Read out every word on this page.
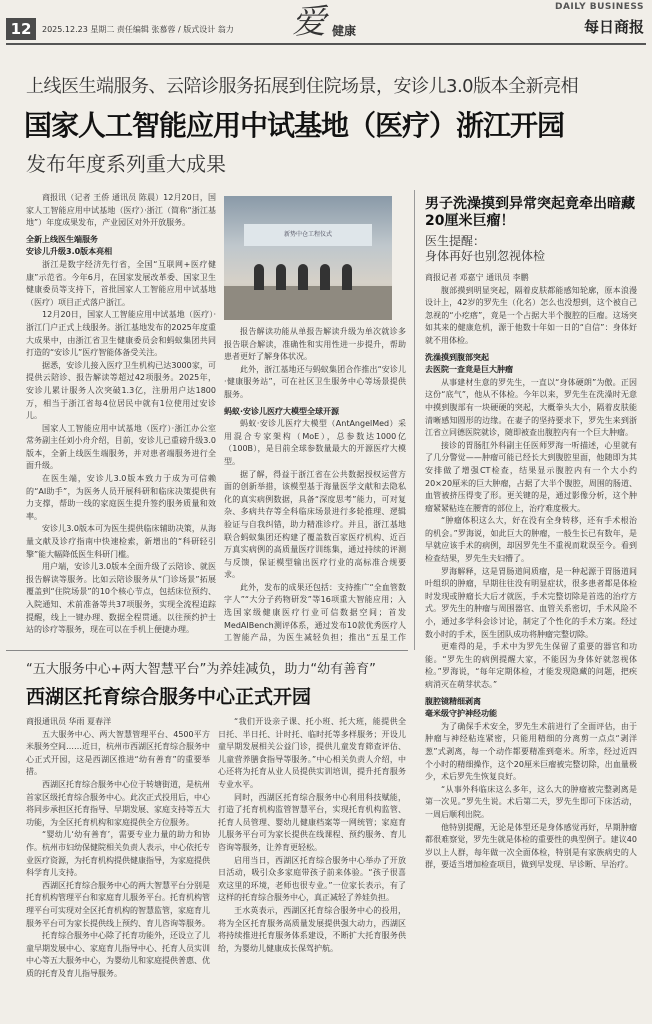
12	2025.12.23 星期二 责任编辑 张慕蓉 / 版式设计 翁力 爱 健康
DAILY BUSINESS
每日商报
上线医生端服务、云陪诊服务拓展到住院场景，安诊儿3.0版本全新亮相
国家人工智能应用中试基地（医疗）浙江开园
发布年度系列重大成果

商报讯（记者 王侨 通讯员 陈晨）12月20日，国家人工智能应用中试基地（医疗）·浙江（简称“浙江基地”）年度成果发布，产业园区对外开放服务。

全新上线医生端服务

安诊儿升级3.0版本亮相

浙江是数字经济先行省，全国“互联网+医疗健康”示范省。今年6月，在国家发展改革委、国家卫生健康委员等支持下，首批国家人工智能应用中试基地（医疗）项目正式落户浙江。

12月20日，国家人工智能应用中试基地（医疗）·浙江门户正式上线服务。浙江基地发布的2025年度重大成果中，由浙江省卫生健康委员会和蚂蚁集团共同打造的“安诊儿”医疗智能体备受关注。

据悉，安诊儿接入医疗卫生机构已达3000家，可提供云陪诊、报告解读等超过42项服务。2025年，安诊儿累计服务人次突破1.3亿，注册用户达1800万，相当于浙江省每4位居民中就有1位使用过安诊儿。

国家人工智能应用中试基地（医疗）·浙江办公室常务副主任刘小舟介绍，目前，安诊儿已重磅升级3.0版本，全新上线医生端服务，并对患者端服务进行全面升级。

在医生端，安诊儿3.0版本致力于成为可信赖的“AI助手”，为医务人员开展科研和临床决策提供有力支撑，帮助一线的家庭医生提升签约服务质量和效率。

安诊儿3.0版本可为医生提供临床辅助决策，从海量文献及诊疗指南中快速检索，新增出的“科研轻引擎”能大幅降低医生科研门槛。

用户端，安诊儿3.0版本全面升级了云陪诊、就医报告解读等服务。比如云陪诊服务从“门诊场景”拓展覆盖到“住院场景”的10个核心节点，包括床位预约、入院通知、术前准备等共37项服务，实现全流程追踪提醒，线上一键办理、数据全程贯通。以往预约护士站的诊疗等服务，现在可以在手机上便捷办理。

新势中仓工程仪式

报告解读功能从单报告解读升级为单次就诊多报告联合解读，准确性和实用性进一步提升，帮助患者更好了解身体状况。

此外，浙江基地还与蚂蚁集团合作推出“安诊儿·健康服务站”，可在社区卫生服务中心等场景提供服务。

蚂蚁·安诊儿医疗大模型全球开源

蚂蚁·安诊儿医疗大模型（AntAngelMed）采用混合专家架构（MoE），总参数达1000亿（100B），是目前全球参数量最大的开源医疗大模型。

据了解，得益于浙江省在公共数据授权运营方面的创新举措，该模型基于海量医学文献和去隐私化的真实病例数据，具备“深度思考”能力，可对复杂、多病共存等全科临床场景进行多轮推理、逻辑验证与自我纠错，助力精准诊疗。并且，浙江基地联合蚂蚁集团还构建了覆盖数百家医疗机构、近百万真实病例的高质量医疗训练集，通过持续的评测与反馈，保证模型输出医疗行业的高标准合规要求。

此外，发布的成果还包括：支持推广“全血管数字人”“大分子药物研发”等16项重大智能应用；入选国家级健康医疗行业可信数据空间；首发MedAIBench测评体系，通过发布10款优秀医疗人工智能产品，为医生减轻负担；推出“五星工作

男子洗澡摸到异常突起竟牵出暗藏20厘米巨瘤！
医生提醒：
身体再好也别忽视体检

商报记者 邓嘉宁 通讯员 李鹏

腹部摸到明显突起，隔着皮肤都能感知轮廓，原本浪漫设计上，42岁的罗先生（化名）怎么也没想到，这个被自己忽视的“小疙瘩”，竟是一个占据大半个腹腔的巨瘤。这场突如其来的健康危机，源于他数十年如一日的“自信”：身体好就不用体检。

洗澡摸到腹部突起

去医院一查竟是巨大肿瘤

从事建材生意的罗先生，一直以“身体硬朗”为傲。正因这份“底气”，他从不体检。今年以来，罗先生在洗澡时无意中摸到腹部有一块硬硬的突起，大概拳头大小，隔着皮肤能清晰感知圆形的边缘。在妻子的坚持要求下，罗先生来到浙江省立同德医院就诊，随即被查出腹腔内有一个巨大肿瘤。

接诊的胃肠肛外科副主任医师罗海一听描述，心里就有了几分警觉——肿瘤可能已经长大到腹腔里面，他随即为其安排做了增强CT检查，结果显示腹腔内有一个大小约20×20厘米的巨大肿瘤，占据了大半个腹腔，周围的肠道、血管被挤压得变了形。更关键的是，通过影像分析，这个肿瘤紧紧粘连在腰背的部位上，治疗难度极大。

“肿瘤体积这么大，好在没有全身转移，还有手术根治的机会。”罗海说，如此巨大的肿瘤，一般生长已有数年，是早就应该手术的病例，却因罗先生不重视而耽误至今。看到检查结果，罗先生夫妇懵了。

罗海解释，这是胃肠道间质瘤，是一种起源于胃肠道间叶组织的肿瘤，早期往往没有明显症状，很多患者都是体检时发现或肿瘤长大后才就医，手术完整切除是首选的治疗方式。罗先生的肿瘤与周围器官、血管关系密切，手术风险不小，通过多学科会诊讨论，制定了个性化的手术方案。经过数小时的手术，医生团队成功将肿瘤完整切除。

更难得的是，手术中为罗先生保留了重要的器官和功能。“罗先生的病例提醒大家，不能因为身体好就忽视体检。”罗海说，“每年定期体检，才能发现隐藏的问题，把疾病消灭在萌芽状态。”

腹腔镜精细剥离

毫米级守护神经功能

为了确保手术安全，罗先生术前进行了全面评估，由于肿瘤与神经粘连紧密，只能用精细的分离剪一点点“剥洋葱”式剥离，每一个动作都要精准到毫米。所幸，经过近四个小时的精细操作，这个20厘米巨瘤被完整切除，出血量极少，术后罗先生恢复良好。

“从事外科临床这么多年，这么大的肿瘤被完整剥离是第一次见。”罗先生说。术后第二天，罗先生即可下床活动，一周后顺利出院。

他特别提醒，无论是体型还是身体感觉再好，早期肿瘤都很难察觉，罗先生就是体检的重要性的典型例子。建议40岁以上人群，每年做一次全面体检，特别是有家族病史的人群，要适当增加检查项目，做到早发现、早诊断、早治疗。

“五大服务中心+两大智慧平台”为养娃减负，助力“幼有善育”
西湖区托育综合服务中心正式开园

商报通讯员 华雨 夏春洋

五大服务中心、两大智慧管理平台、4500平方米服务空间……近日，杭州市西湖区托育综合服务中心正式开园，这是西湖区推进“幼有善育”的重要举措。

西湖区托育综合服务中心位于转塘街道，是杭州首家区级托育综合服务中心。此次正式投用后，中心将同步承担区托育指导、早期发展、家庭支持等五大功能，为全区托育机构和家庭提供全方位服务。

“婴幼儿‘幼有善育’，需要专业力量的助力和协作。杭州市妇幼保健院相关负责人表示，中心依托专业医疗资源，为托育机构提供健康指导，为家庭提供科学育儿支持。

西湖区托育综合服务中心的两大智慧平台分别是托育机构管理平台和家庭育儿服务平台。托育机构管理平台可实现对全区托育机构的智慧监管，家庭育儿服务平台可为家长提供线上预约、育儿咨询等服务。

托育综合服务中心除了托育功能外，还设立了儿童早期发展中心、家庭育儿指导中心、托育人员实训中心等五大服务中心，为婴幼儿和家庭提供普惠、优质的托育及育儿指导服务。

“我们开设亲子课、托小班、托大班，能提供全日托、半日托、计时托、临时托等多样服务；开设儿童早期发展相关公益门诊，提供儿童发育筛查评估、儿童营养膳食指导等服务。”中心相关负责人介绍，中心还将为托育从业人员提供实训培训，提升托育服务专业水平。

同时，西湖区托育综合服务中心利用科技赋能，打造了托育机构监管智慧平台，实现托育机构监管、托育人员管理、婴幼儿健康档案等一网统管；家庭育儿服务平台可为家长提供在线课程、预约服务、育儿咨询等服务，让养育更轻松。

启用当日，西湖区托育综合服务中心举办了开放日活动，吸引众多家庭带孩子前来体验。“孩子很喜欢这里的环境，老师也很专业。”一位家长表示，有了这样的托育综合服务中心，真正减轻了养娃负担。

王水英表示，西湖区托育综合服务中心的投用，将为全区托育服务高质量发展提供强大动力，西湖区将持续推进托育服务体系建设，不断扩大托育服务供给，为婴幼儿健康成长保驾护航。
